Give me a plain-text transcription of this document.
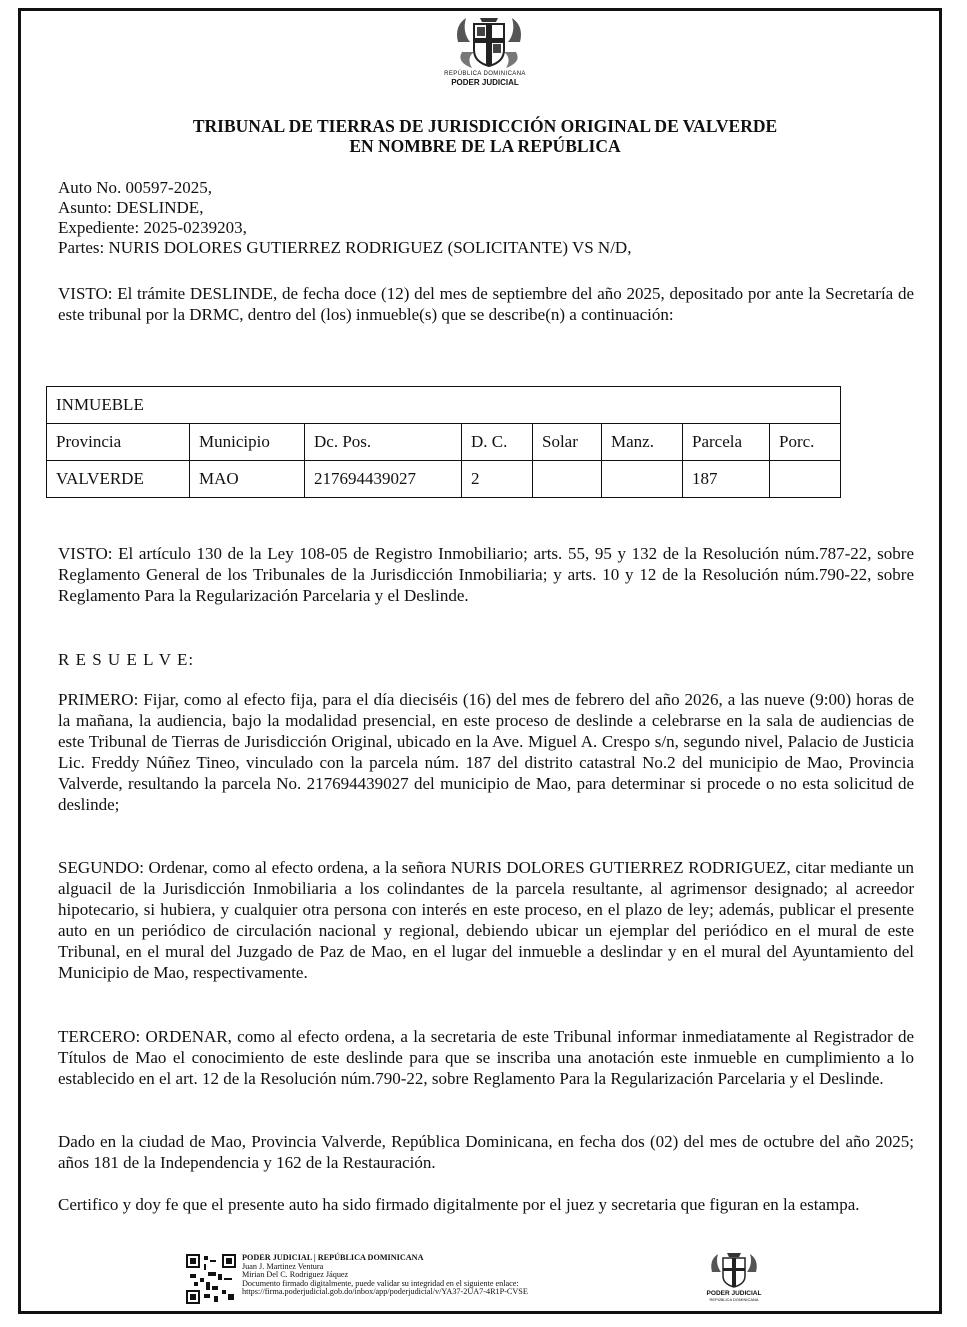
REPÚBLICA DOMINICANA
PODER JUDICIAL
TRIBUNAL DE TIERRAS DE JURISDICCIÓN ORIGINAL DE VALVERDE
EN NOMBRE DE LA REPÚBLICA
Auto No. 00597-2025,
Asunto: DESLINDE,
Expediente: 2025-0239203,
Partes: NURIS DOLORES GUTIERREZ RODRIGUEZ (SOLICITANTE) VS N/D,

VISTO: El trámite DESLINDE, de fecha doce (12) del mes de septiembre del año 2025, depositado por ante la Secretaría de este tribunal por la DRMC, dentro del (los) inmueble(s) que se describe(n) a continuación:

INMUEBLE							
Provincia	Municipio	Dc. Pos.	D. C.	Solar	Manz.	Parcela	Porc.
VALVERDE	MAO	217694439027	2			187	

VISTO: El artículo 130 de la Ley 108-05 de Registro Inmobiliario; arts. 55, 95 y 132 de la Resolución núm.787-22, sobre Reglamento General de los Tribunales de la Jurisdicción Inmobiliaria; y arts. 10 y 12 de la Resolución núm.790-22, sobre Reglamento Para la Regularización Parcelaria y el Deslinde.

R E S U E L V E:

PRIMERO: Fijar, como al efecto fija, para el día dieciséis (16) del mes de febrero del año 2026, a las nueve (9:00) horas de la mañana, la audiencia, bajo la modalidad presencial, en este proceso de deslinde a celebrarse en la sala de audiencias de este Tribunal de Tierras de Jurisdicción Original, ubicado en la Ave. Miguel A. Crespo s/n, segundo nivel, Palacio de Justicia Lic. Freddy Núñez Tineo, vinculado con la parcela núm. 187 del distrito catastral No.2 del municipio de Mao, Provincia Valverde, resultando la parcela No. 217694439027 del municipio de Mao, para determinar si procede o no esta solicitud de deslinde;

SEGUNDO: Ordenar, como al efecto ordena, a la señora NURIS DOLORES GUTIERREZ RODRIGUEZ, citar mediante un alguacil de la Jurisdicción Inmobiliaria a los colindantes de la parcela resultante, al agrimensor designado; al acreedor hipotecario, si hubiera, y cualquier otra persona con interés en este proceso, en el plazo de ley; además, publicar el presente auto en un periódico de circulación nacional y regional, debiendo ubicar un ejemplar del periódico en el mural de este Tribunal, en el mural del Juzgado de Paz de Mao, en el lugar del inmueble a deslindar y en el mural del Ayuntamiento del Municipio de Mao, respectivamente.

TERCERO: ORDENAR, como al efecto ordena, a la secretaria de este Tribunal informar inmediatamente al Registrador de Títulos de Mao el conocimiento de este deslinde para que se inscriba una anotación este inmueble en cumplimiento a lo establecido en el art. 12 de la Resolución núm.790-22, sobre Reglamento Para la Regularización Parcelaria y el Deslinde.

Dado en la ciudad de Mao, Provincia Valverde, República Dominicana, en fecha dos (02) del mes de octubre del año 2025; años 181 de la Independencia y 162 de la Restauración.

Certifico y doy fe que el presente auto ha sido firmado digitalmente por el juez y secretaria que figuran en la estampa.

PODER JUDICIAL | REPÚBLICA DOMINICANA
Juan J. Martinez Ventura
Mirian Del C. Rodriguez Jáquez
Documento firmado digitalmente, puede validar su integridad en el siguiente enlace:
https://firma.poderjudicial.gob.do/inbox/app/poderjudicial/v/YA37-2UA7-4R1P-CVSE	PODER JUDICIAL
REPÚBLICA DOMINICANA
